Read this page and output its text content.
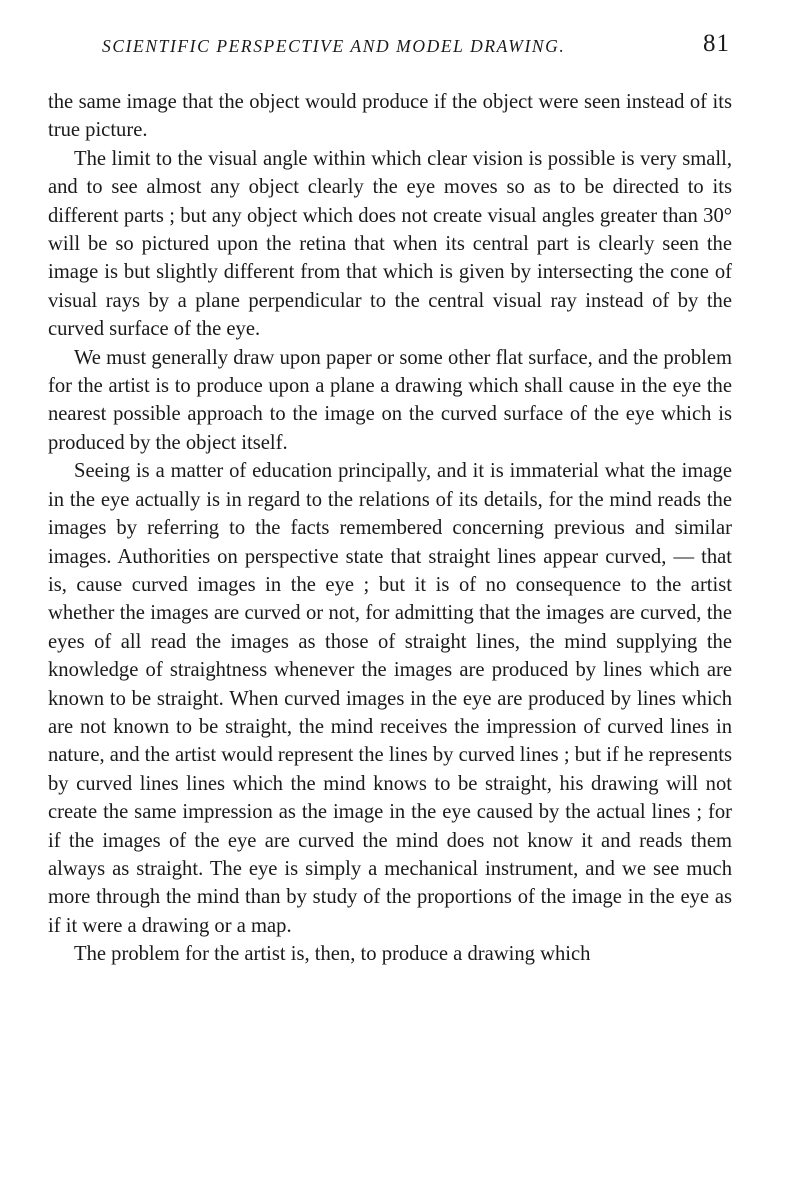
SCIENTIFIC PERSPECTIVE AND MODEL DRAWING.	81

the same image that the object would produce if the object were seen instead of its true picture.

The limit to the visual angle within which clear vision is possible is very small, and to see almost any object clearly the eye moves so as to be directed to its different parts ; but any object which does not create visual angles greater than 30° will be so pictured upon the retina that when its central part is clearly seen the image is but slightly different from that which is given by intersecting the cone of visual rays by a plane perpendicular to the central visual ray instead of by the curved surface of the eye.

We must generally draw upon paper or some other flat surface, and the problem for the artist is to produce upon a plane a drawing which shall cause in the eye the nearest possible approach to the image on the curved surface of the eye which is produced by the object itself.

Seeing is a matter of education principally, and it is immaterial what the image in the eye actually is in regard to the relations of its details, for the mind reads the images by referring to the facts remembered concerning previous and similar images. Authorities on perspective state that straight lines appear curved, — that is, cause curved images in the eye ; but it is of no consequence to the artist whether the images are curved or not, for admitting that the images are curved, the eyes of all read the images as those of straight lines, the mind supplying the knowledge of straightness whenever the images are produced by lines which are known to be straight. When curved images in the eye are produced by lines which are not known to be straight, the mind receives the impression of curved lines in nature, and the artist would represent the lines by curved lines ; but if he represents by curved lines lines which the mind knows to be straight, his drawing will not create the same impression as the image in the eye caused by the actual lines ; for if the images of the eye are curved the mind does not know it and reads them always as straight. The eye is simply a mechanical instrument, and we see much more through the mind than by study of the proportions of the image in the eye as if it were a drawing or a map.

The problem for the artist is, then, to produce a drawing which
